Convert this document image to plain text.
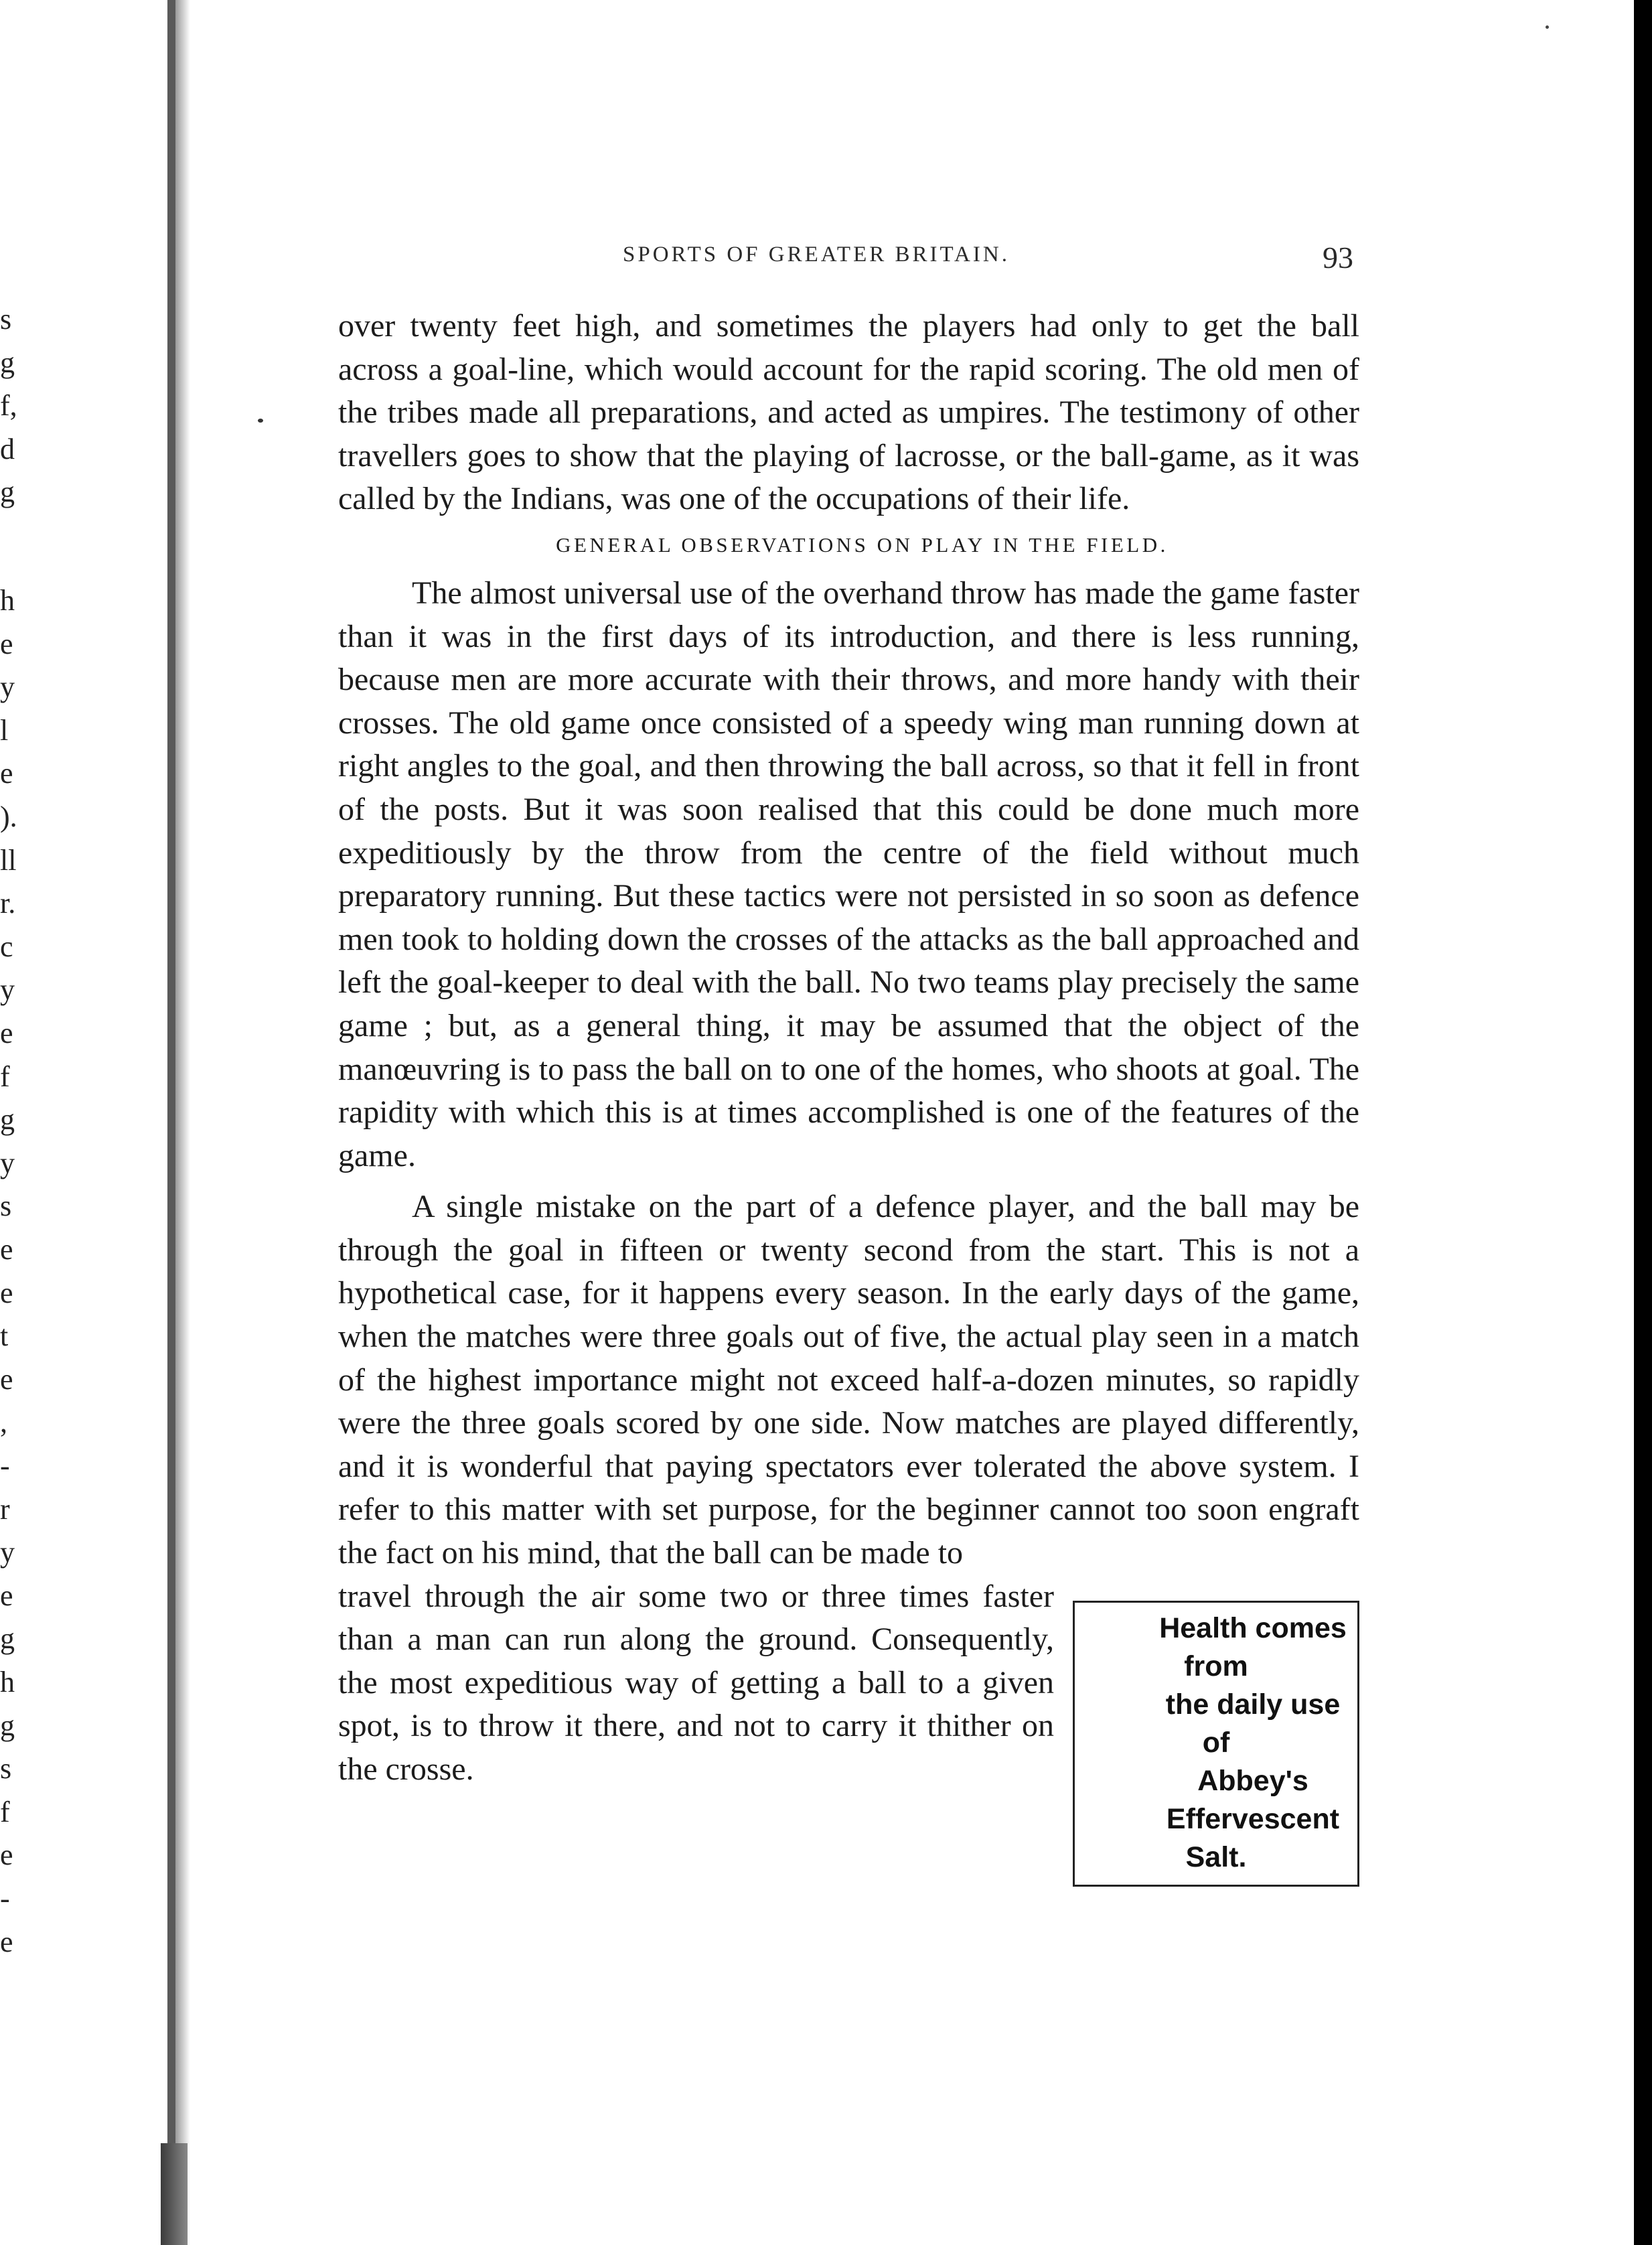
s
g
f,
d
g
h
e
y
l
e
).
ll
r.
c
y
e
f
g
y
s
e
e
t
e
,
-
r
y
e
g
h
g
s
f
e
-
e
SPORTS OF GREATER BRITAIN.	93

over twenty feet high, and sometimes the players had only to get the ball across a goal-line, which would account for the rapid scoring. The old men of the tribes made all preparations, and acted as umpires. The testimony of other travellers goes to show that the playing of lacrosse, or the ball-game, as it was called by the Indians, was one of the occupations of their life.

GENERAL OBSERVATIONS ON PLAY IN THE FIELD.

The almost universal use of the overhand throw has made the game faster than it was in the first days of its introduction, and there is less running, because men are more accurate with their throws, and more handy with their crosses. The old game once consisted of a speedy wing man running down at right angles to the goal, and then throwing the ball across, so that it fell in front of the posts. But it was soon realised that this could be done much more expeditiously by the throw from the centre of the field without much preparatory running. But these tactics were not persisted in so soon as defence men took to holding down the crosses of the attacks as the ball approached and left the goal-keeper to deal with the ball. No two teams play precisely the same game ; but, as a general thing, it may be assumed that the object of the manœuvring is to pass the ball on to one of the homes, who shoots at goal. The rapidity with which this is at times accomplished is one of the features of the game.

A single mistake on the part of a defence player, and the ball may be through the goal in fifteen or twenty second from the start. This is not a hypothetical case, for it happens every season. In the early days of the game, when the matches were three goals out of five, the actual play seen in a match of the highest importance might not exceed half-a-dozen minutes, so rapidly were the three goals scored by one side. Now matches are played differently, and it is wonderful that paying spectators ever tolerated the above system. I refer to this matter with set purpose, for the beginner cannot too soon engraft the fact on his mind, that the ball can be made to

Health comes from
the daily use of
Abbey's
Effervescent Salt.
travel through the air some two or three times faster than a man can run along the ground. Consequently, the most expeditious way of getting a ball to a given spot, is to throw it there, and not to carry it thither on the crosse.
